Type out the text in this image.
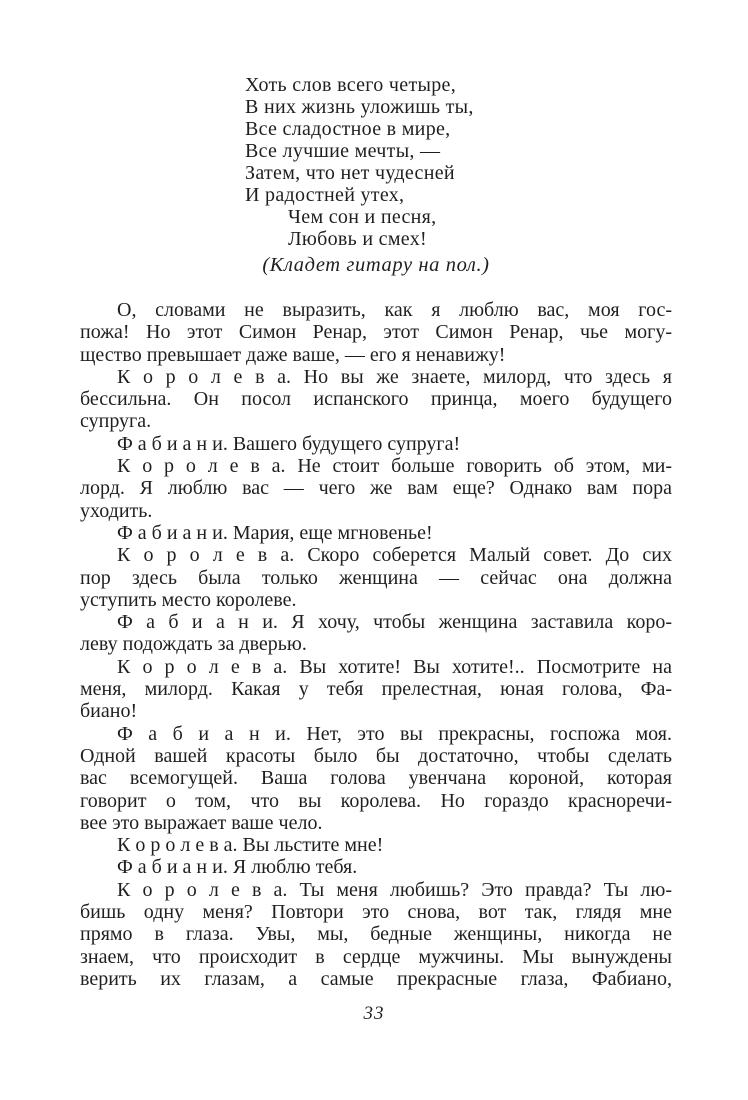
Хоть слов всего четыре,
В них жизнь уложишь ты,
Все сладостное в мире,
Все лучшие мечты, —
Затем, что нет чудесней
И радостней утех,
Чем сон и песня,
Любовь и смех!
(Кладет гитару на пол.)
О, словами не выразить, как я люблю вас, моя гос-
пожа! Но этот Симон Ренар, этот Симон Ренар, чье могу-
щество превышает даже ваше, — его я ненавижу!
К о р о л е в а. Но вы же знаете, милорд, что здесь я
бессильна. Он посол испанского принца, моего будущего
супруга.
Ф а б и а н и. Вашего будущего супруга!
К о р о л е в а. Не стоит больше говорить об этом, ми-
лорд. Я люблю вас — чего же вам еще? Однако вам пора
уходить.
Ф а б и а н и. Мария, еще мгновенье!
К о р о л е в а. Скоро соберется Малый совет. До сих
пор здесь была только женщина — сейчас она должна
уступить место королеве.
Ф а б и а н и. Я хочу, чтобы женщина заставила коро-
леву подождать за дверью.
К о р о л е в а. Вы хотите! Вы хотите!.. Посмотрите на
меня, милорд. Какая у тебя прелестная, юная голова, Фа-
биано!
Ф а б и а н и. Нет, это вы прекрасны, госпожа моя.
Одной вашей красоты было бы достаточно, чтобы сделать
вас всемогущей. Ваша голова увенчана короной, которая
говорит о том, что вы королева. Но гораздо красноречи-
вее это выражает ваше чело.
К о р о л е в а. Вы льстите мне!
Ф а б и а н и. Я люблю тебя.
К о р о л е в а. Ты меня любишь? Это правда? Ты лю-
бишь одну меня? Повтори это снова, вот так, глядя мне
прямо в глаза. Увы, мы, бедные женщины, никогда не
знаем, что происходит в сердце мужчины. Мы вынуждены
верить их глазам, а самые прекрасные глаза, Фабиано,
33
